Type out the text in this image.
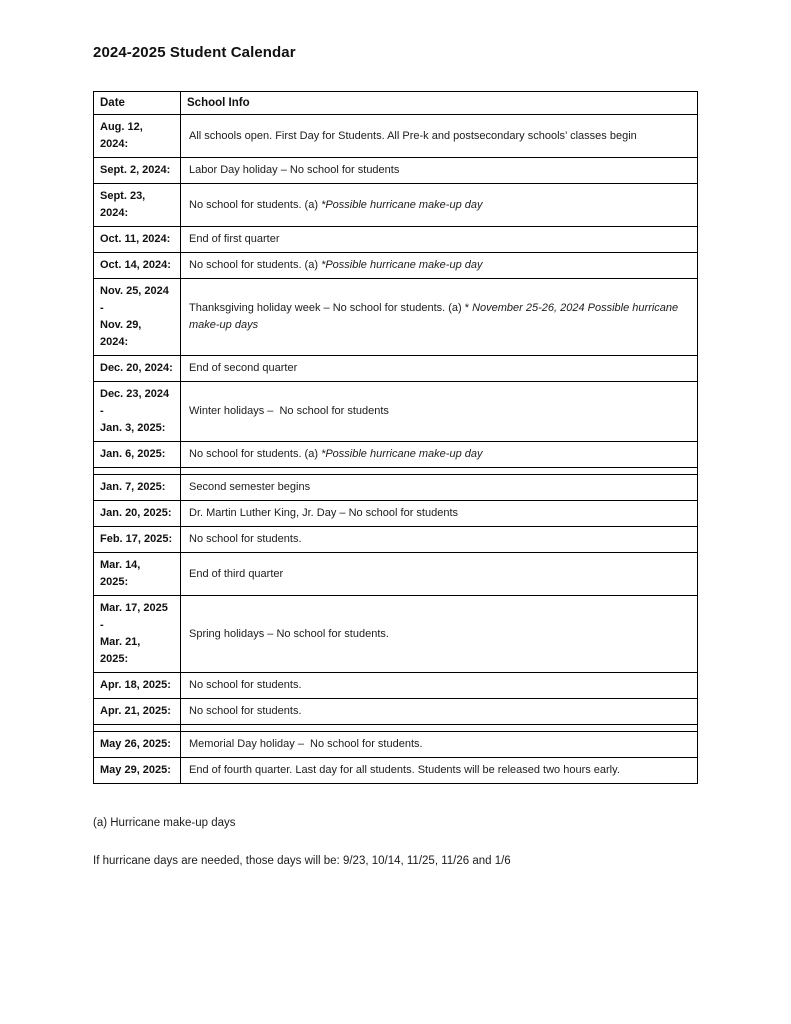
2024-2025 Student Calendar
Date	School Info

Aug. 12,
2024:	All schools open. First Day for Students. All Pre-k and postsecondary schools’ classes begin

Sept. 2, 2024:	Labor Day holiday – No school for students

Sept. 23,
2024:	No school for students. (a) *Possible hurricane make-up day

Oct. 11, 2024:	End of first quarter

Oct. 14, 2024:	No school for students. (a) *Possible hurricane make-up day

Nov. 25, 2024
-
Nov. 29,
2024:	Thanksgiving holiday week – No school for students. (a) * November 25-26, 2024 Possible hurricane make-up days

Dec. 20, 2024:	End of second quarter

Dec. 23, 2024
-
Jan. 3, 2025:	Winter holidays –  No school for students

Jan. 6, 2025:	No school for students. (a) *Possible hurricane make-up day

Jan. 7, 2025:	Second semester begins

Jan. 20, 2025:	Dr. Martin Luther King, Jr. Day – No school for students

Feb. 17, 2025:	No school for students.

Mar. 14,
2025:	End of third quarter

Mar. 17, 2025
-
Mar. 21,
2025:	Spring holidays – No school for students.

Apr. 18, 2025:	No school for students.

Apr. 21, 2025:	No school for students.

May 26, 2025:	Memorial Day holiday –  No school for students.

May 29, 2025:	End of fourth quarter. Last day for all students. Students will be released two hours early.

(a) Hurricane make-up days

If hurricane days are needed, those days will be: 9/23, 10/14, 11/25, 11/26 and 1/6
